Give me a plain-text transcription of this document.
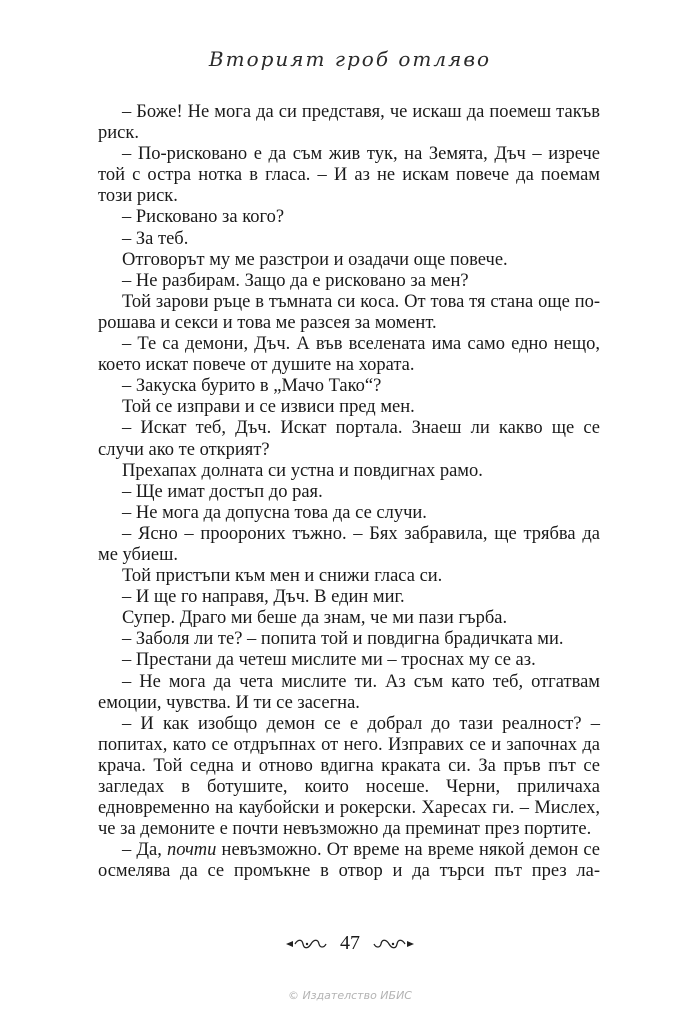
Вторият гроб отляво

– Боже! Не мога да си представя, че искаш да поемеш такъв риск.

– По-рисковано е да съм жив тук, на Земята, Дъч – изрече той с остра нотка в гласа. – И аз не искам повече да поемам този риск.

– Рисковано за кого?

– За теб.

Отговорът му ме разстрои и озадачи още повече.

– Не разбирам. Защо да е рисковано за мен?

Той зарови ръце в тъмната си коса. От това тя стана още по-рошава и секси и това ме разсея за момент.

– Те са демони, Дъч. А във вселената има само едно нещо, което искат повече от душите на хората.

– Закуска бурито в „Мачо Тако“?

Той се изправи и се извиси пред мен.

– Искат теб, Дъч. Искат портала. Знаеш ли какво ще се случи ако те открият?

Прехапах долната си устна и повдигнах рамо.

– Ще имат достъп до рая.

– Не мога да допусна това да се случи.

– Ясно – проороних тъжно. – Бях забравила, ще трябва да ме убиеш.

Той пристъпи към мен и снижи гласа си.

– И ще го направя, Дъч. В един миг.

Супер. Драго ми беше да знам, че ми пази гърба.

– Заболя ли те? – попита той и повдигна брадичката ми.

– Престани да четеш мислите ми – троснах му се аз.

– Не мога да чета мислите ти. Аз съм като теб, отгатвам емоции, чувства. И ти се засегна.

– И как изобщо демон се е добрал до тази реалност? – попитах, като се отдръпнах от него. Изправих се и започнах да крача. Той седна и отново вдигна краката си. За пръв път се загледах в ботушите, които носеше. Черни, приличаха едновременно на каубойски и рокерски. Харесах ги. – Мислех, че за демоните е почти невъзможно да преминат през портите.

– Да, почти невъзможно. От време на време някой демон се осмелява да се промъкне в отвор и да търси път през ла-

47
© Издателство ИБИС
